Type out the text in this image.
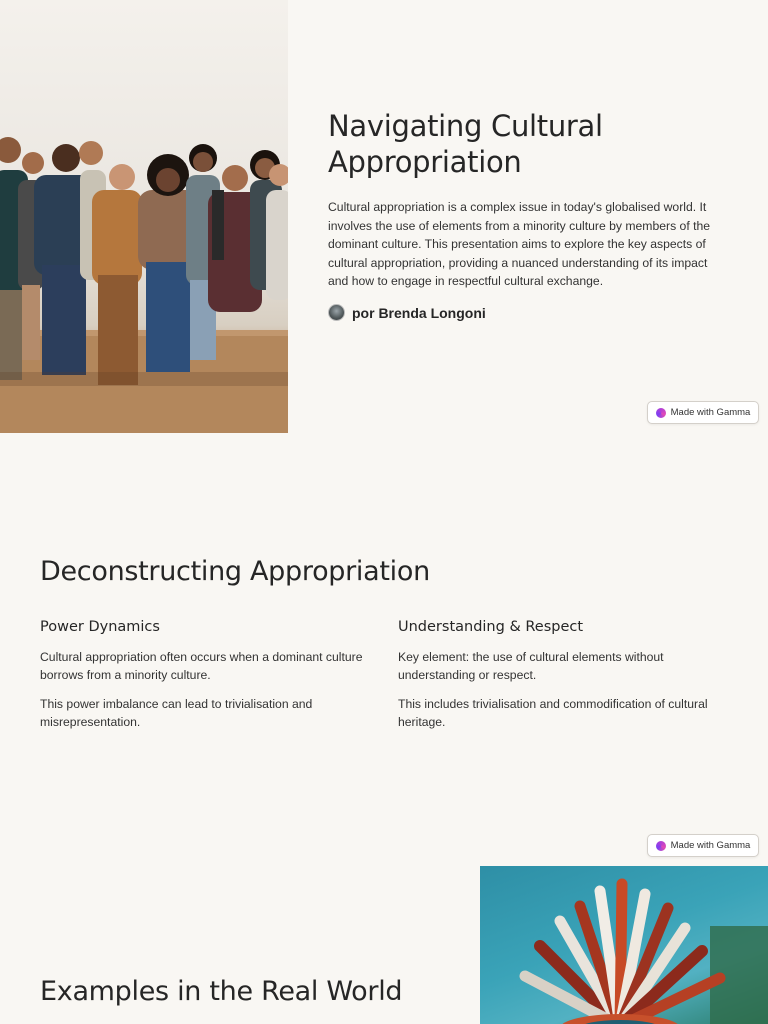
Navigating Cultural Appropriation

Cultural appropriation is a complex issue in today's globalised world. It involves the use of elements from a minority culture by members of the dominant culture. This presentation aims to explore the key aspects of cultural appropriation, providing a nuanced understanding of its impact and how to engage in respectful cultural exchange.

por Brenda Longoni
Made with Gamma
Deconstructing Appropriation
Power Dynamics

Cultural appropriation often occurs when a dominant culture borrows from a minority culture.

This power imbalance can lead to trivialisation and misrepresentation.

Understanding & Respect

Key element: the use of cultural elements without understanding or respect.

This includes trivialisation and commodification of cultural heritage.

Made with Gamma
Examples in the Real World
